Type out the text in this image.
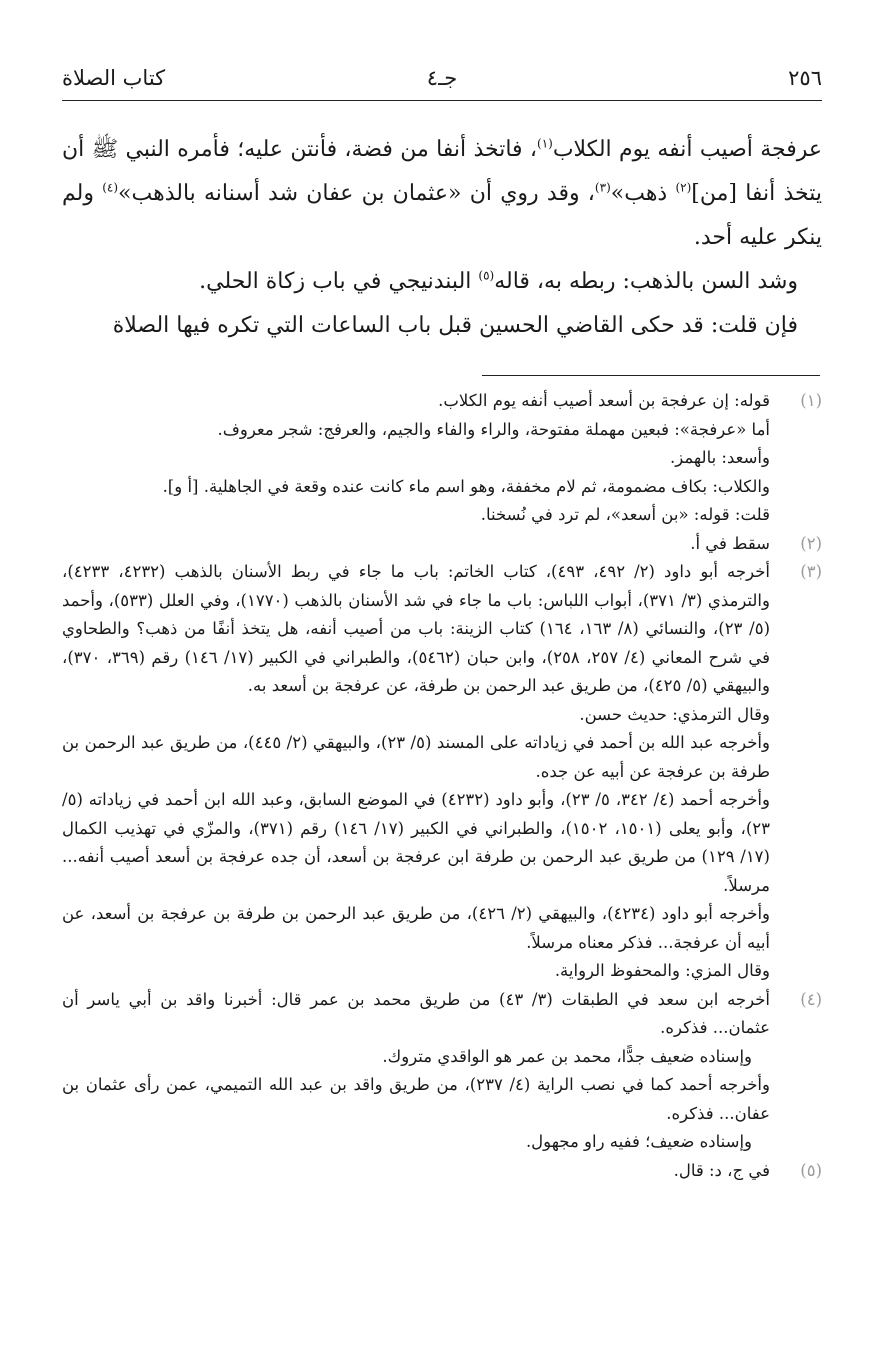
٢٥٦
جـ٤
كتاب الصلاة

عرفجة أصيب أنفه يوم الكلاب$^{(١)}$، فاتخذ أنفا من فضة، فأنتن عليه؛ فأمره النبي ﷺ أن يتخذ أنفا [من]$^{(٢)}$ ذهب»$^{(٣)}$، وقد روي أن «عثمان بن عفان شد أسنانه بالذهب»$^{(٤)}$ ولم ينكر عليه أحد.

وشد السن بالذهب: ربطه به، قاله$^{(٥)}$ البندنيجي في باب زكاة الحلي.

فإن قلت: قد حكى القاضي الحسين قبل باب الساعات التي تكره فيها الصلاة

(١)
قوله: إن عرفجة بن أسعد أصيب أنفه يوم الكلاب.
أما «عرفجة»: فبعين مهملة مفتوحة، والراء والفاء والجيم، والعرفج: شجر معروف.
وأسعد: بالهمز.
والكلاب: بكاف مضمومة، ثم لام مخففة، وهو اسم ماء كانت عنده وقعة في الجاهلية. [أ و].
قلت: قوله: «بن أسعد»، لم ترد في نُسخنا.
(٢)
سقط في أ.
(٣)
أخرجه أبو داود (٢/ ٤٩٢، ٤٩٣)، كتاب الخاتم: باب ما جاء في ربط الأسنان بالذهب (٤٢٣٢، ٤٢٣٣)، والترمذي (٣/ ٣٧١)، أبواب اللباس: باب ما جاء في شد الأسنان بالذهب (١٧٧٠)، وفي العلل (٥٣٣)، وأحمد (٥/ ٢٣)، والنسائي (٨/ ١٦٣، ١٦٤) كتاب الزينة: باب من أصيب أنفه، هل يتخذ أنفًا من ذهب؟ والطحاوي في شرح المعاني (٤/ ٢٥٧، ٢٥٨)، وابن حبان (٥٤٦٢)، والطبراني في الكبير (١٧/ ١٤٦) رقم (٣٦٩، ٣٧٠)، والبيهقي (٥/ ٤٢٥)، من طريق عبد الرحمن بن طرفة، عن عرفجة بن أسعد به.
وقال الترمذي: حديث حسن.
وأخرجه عبد الله بن أحمد في زياداته على المسند (٥/ ٢٣)، والبيهقي (٢/ ٤٤٥)، من طريق عبد الرحمن بن طرفة بن عرفجة عن أبيه عن جده.
وأخرجه أحمد (٤/ ٣٤٢، ٥/ ٢٣)، وأبو داود (٤٢٣٢) في الموضع السابق، وعبد الله ابن أحمد في زياداته (٥/ ٢٣)، وأبو يعلى (١٥٠١، ١٥٠٢)، والطبراني في الكبير (١٧/ ١٤٦) رقم (٣٧١)، والمزّي في تهذيب الكمال (١٧/ ١٢٩) من طريق عبد الرحمن بن طرفة ابن عرفجة بن أسعد، أن جده عرفجة بن أسعد أصيب أنفه... مرسلاً.
وأخرجه أبو داود (٤٢٣٤)، والبيهقي (٢/ ٤٢٦)، من طريق عبد الرحمن بن طرفة بن عرفجة بن أسعد، عن أبيه أن عرفجة... فذكر معناه مرسلاً.
وقال المزي: والمحفوظ الرواية.
(٤)
أخرجه ابن سعد في الطبقات (٣/ ٤٣) من طريق محمد بن عمر قال: أخبرنا واقد بن أبي ياسر أن عثمان... فذكره.
وإسناده ضعيف جدًّا، محمد بن عمر هو الواقدي متروك.
وأخرجه أحمد كما في نصب الراية (٤/ ٢٣٧)، من طريق واقد بن عبد الله التميمي، عمن رأى عثمان بن عفان... فذكره.
وإسناده ضعيف؛ ففيه راو مجهول.
(٥)
في ج، د: قال.
